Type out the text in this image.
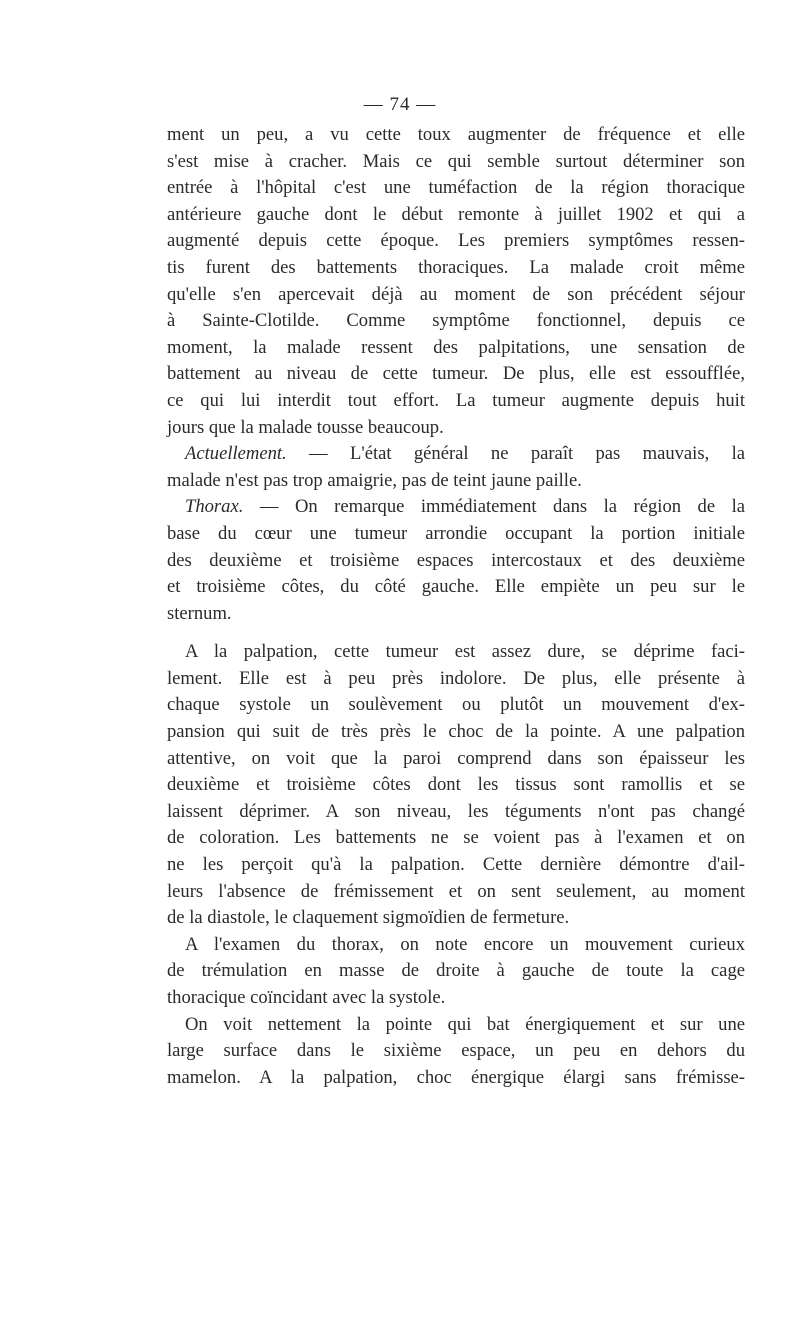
— 74 —
ment un peu, a vu cette toux augmenter de fréquence et elle
s'est mise à cracher. Mais ce qui semble surtout déterminer son
entrée à l'hôpital c'est une tuméfaction de la région thoracique
antérieure gauche dont le début remonte à juillet 1902 et qui a
augmenté depuis cette époque. Les premiers symptômes ressen-
tis furent des battements thoraciques. La malade croit même
qu'elle s'en apercevait déjà au moment de son précédent séjour
à Sainte-Clotilde. Comme symptôme fonctionnel, depuis ce
moment, la malade ressent des palpitations, une sensation de
battement au niveau de cette tumeur. De plus, elle est essoufflée,
ce qui lui interdit tout effort. La tumeur augmente depuis huit
jours que la malade tousse beaucoup.
Actuellement. — L'état général ne paraît pas mauvais, la
malade n'est pas trop amaigrie, pas de teint jaune paille.
Thorax. — On remarque immédiatement dans la région de la
base du cœur une tumeur arrondie occupant la portion initiale
des deuxième et troisième espaces intercostaux et des deuxième
et troisième côtes, du côté gauche. Elle empiète un peu sur le
sternum.
A la palpation, cette tumeur est assez dure, se déprime faci-
lement. Elle est à peu près indolore. De plus, elle présente à
chaque systole un soulèvement ou plutôt un mouvement d'ex-
pansion qui suit de très près le choc de la pointe. A une palpation
attentive, on voit que la paroi comprend dans son épaisseur les
deuxième et troisième côtes dont les tissus sont ramollis et se
laissent déprimer. A son niveau, les téguments n'ont pas changé
de coloration. Les battements ne se voient pas à l'examen et on
ne les perçoit qu'à la palpation. Cette dernière démontre d'ail-
leurs l'absence de frémissement et on sent seulement, au moment
de la diastole, le claquement sigmoïdien de fermeture.
A l'examen du thorax, on note encore un mouvement curieux
de trémulation en masse de droite à gauche de toute la cage
thoracique coïncidant avec la systole.
On voit nettement la pointe qui bat énergiquement et sur une
large surface dans le sixième espace, un peu en dehors du
mamelon. A la palpation, choc énergique élargi sans frémisse-
